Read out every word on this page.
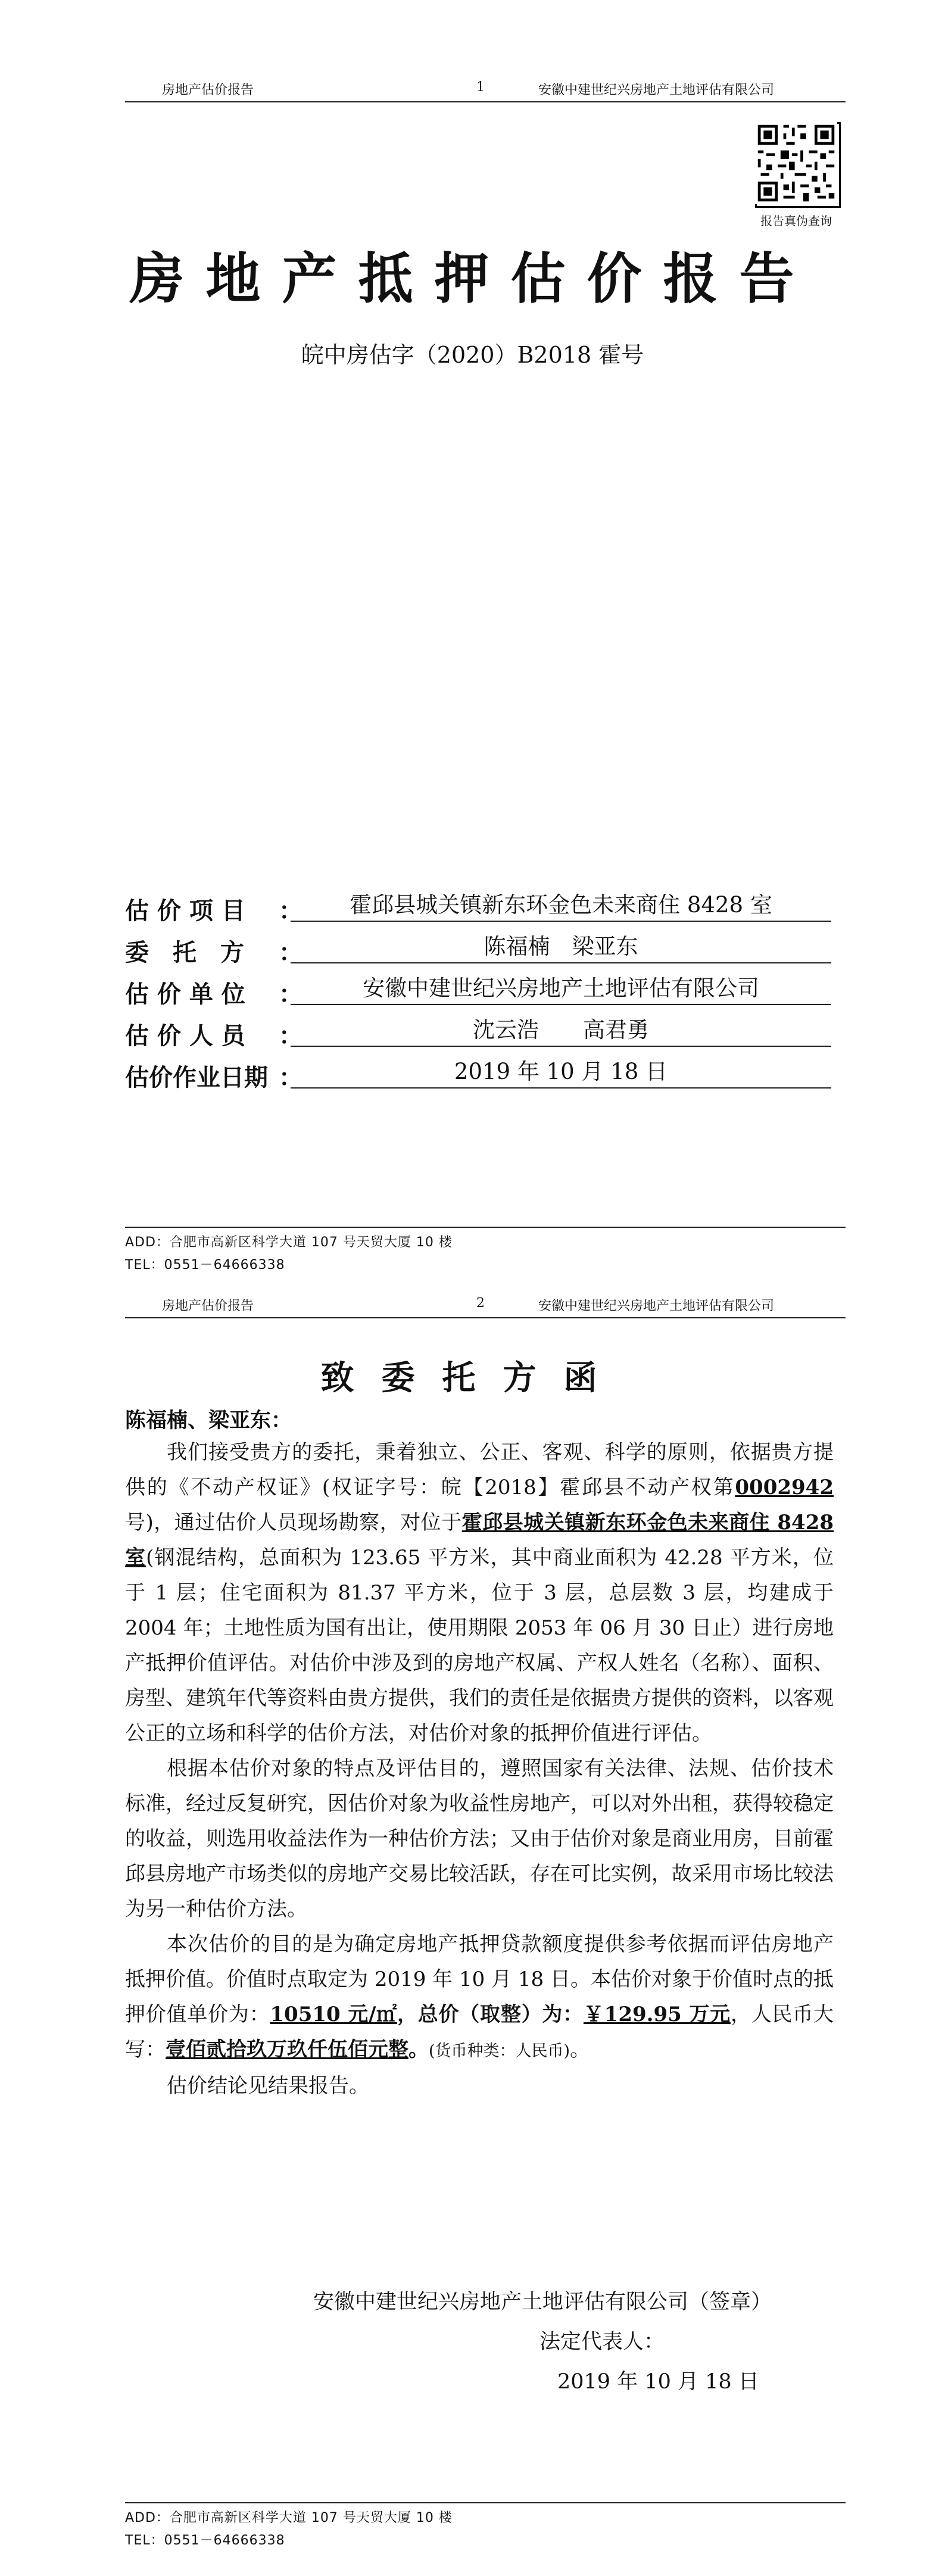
房地产估价报告	1	安徽中建世纪兴房地产土地评估有限公司
报告真伪查询
房地产抵押估价报告
皖中房估字（2020）B2018 霍号
估 价 项 目	：	霍邱县城关镇新东环金色未来商住 8428 室
委　托　方	：	陈福楠　梁亚东
估 价 单 位	：	安徽中建世纪兴房地产土地评估有限公司
估 价 人 员	：	沈云浩　　高君勇
估价作业日期 ：	2019 年 10 月 18 日
ADD：合肥市高新区科学大道 107 号天贸大厦 10 楼
TEL：0551－64666338
房地产估价报告	2	安徽中建世纪兴房地产土地评估有限公司
致委托方函
陈福楠、梁亚东：

我们接受贵方的委托，秉着独立、公正、客观、科学的原则，依据贵方提供的《不动产权证》(权证字号：皖【2018】霍邱县不动产权第0002942号)，通过估价人员现场勘察，对位于霍邱县城关镇新东环金色未来商住 8428 室(钢混结构，总面积为 123.65 平方米，其中商业面积为 42.28 平方米，位于 1 层；住宅面积为 81.37 平方米，位于 3 层，总层数 3 层，均建成于 2004 年；土地性质为国有出让，使用期限 2053 年 06 月 30 日止）进行房地产抵押价值评估。对估价中涉及到的房地产权属、产权人姓名（名称）、面积、房型、建筑年代等资料由贵方提供，我们的责任是依据贵方提供的资料，以客观公正的立场和科学的估价方法，对估价对象的抵押价值进行评估。

根据本估价对象的特点及评估目的，遵照国家有关法律、法规、估价技术标准，经过反复研究，因估价对象为收益性房地产，可以对外出租，获得较稳定的收益，则选用收益法作为一种估价方法；又由于估价对象是商业用房，目前霍邱县房地产市场类似的房地产交易比较活跃，存在可比实例，故采用市场比较法为另一种估价方法。

本次估价的目的是为确定房地产抵押贷款额度提供参考依据而评估房地产抵押价值。价值时点取定为 2019 年 10 月 18 日。本估价对象于价值时点的抵押价值单价为：10510 元/㎡，总价（取整）为：￥129.95 万元，人民币大写：壹佰贰拾玖万玖仟伍佰元整。(货币种类：人民币)。

估价结论见结果报告。

安徽中建世纪兴房地产土地评估有限公司（签章）
法定代表人：
2019 年 10 月 18 日
ADD：合肥市高新区科学大道 107 号天贸大厦 10 楼
TEL：0551－64666338
